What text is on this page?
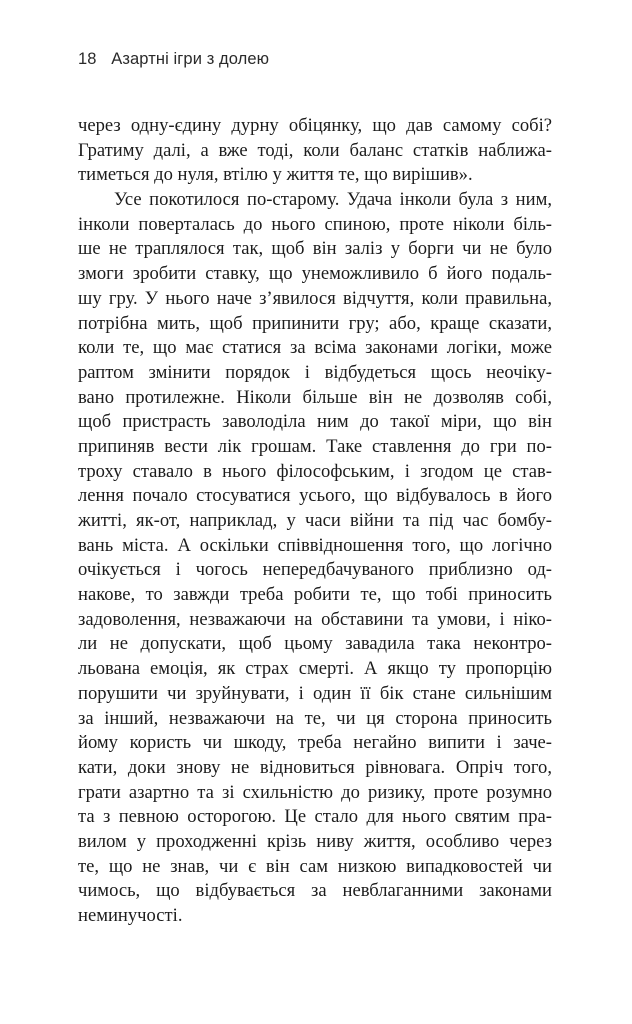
18 Азартні ігри з долею
через одну-єдину дурну обіцянку, що дав самому собі?
Гратиму далі, а вже тоді, коли баланс статків наближа-
тиметься до нуля, втілю у життя те, що вирішив».
Усе покотилося по-старому. Удача інколи була з ним,
інколи поверталась до нього спиною, проте ніколи біль-
ше не траплялося так, щоб він заліз у борги чи не було
змоги зробити ставку, що унеможливило б його подаль-
шу гру. У нього наче з’явилося відчуття, коли правильна,
потрібна мить, щоб припинити гру; або, краще сказати,
коли те, що має статися за всіма законами логіки, може
раптом змінити порядок і відбудеться щось неочіку-
вано протилежне. Ніколи більше він не дозволяв собі,
щоб пристрасть заволоділа ним до такої міри, що він
припиняв вести лік грошам. Таке ставлення до гри по-
троху ставало в нього філософським, і згодом це став-
лення почало стосуватися усього, що відбувалось в його
житті, як-от, наприклад, у часи війни та під час бомбу-
вань міста. А оскільки співвідношення того, що логічно
очікується і чогось непередбачуваного приблизно од-
накове, то завжди треба робити те, що тобі приносить
задоволення, незважаючи на обставини та умови, і ніко-
ли не допускати, щоб цьому завадила така неконтро-
льована емоція, як страх смерті. А якщо ту пропорцію
порушити чи зруйнувати, і один її бік стане сильнішим
за інший, незважаючи на те, чи ця сторона приносить
йому користь чи шкоду, треба негайно випити і заче-
кати, доки знову не відновиться рівновага. Опріч того,
грати азартно та зі схильністю до ризику, проте розумно
та з певною осторогою. Це стало для нього святим пра-
вилом у проходженні крізь ниву життя, особливо через
те, що не знав, чи є він сам низкою випадковостей чи
чимось, що відбувається за невблаганними законами
неминучості.
